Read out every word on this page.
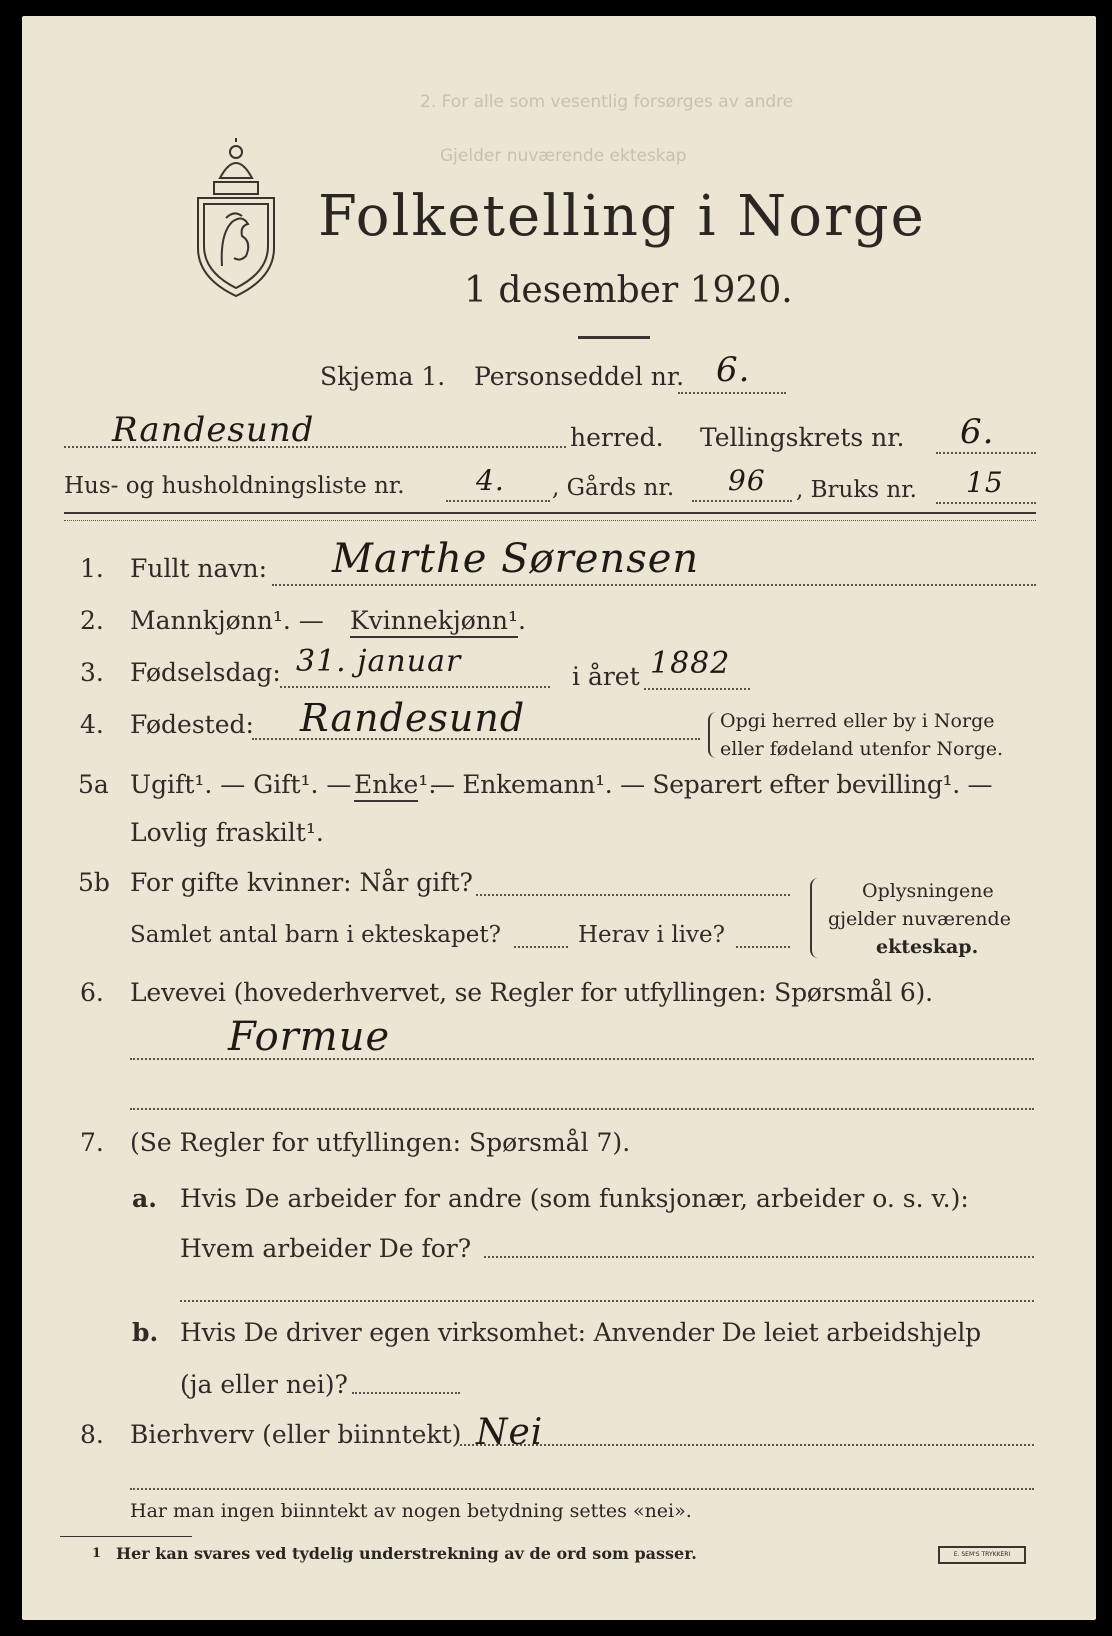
2. For alle som vesentlig forsørges av andre
Gjelder nuværende ekteskap
Folketelling i Norge
1 desember 1920.
Skjema 1. Personseddel nr. 6.
Randesund	herred. Tellingskrets nr. 6.
Hus- og husholdningsliste nr.	4. , Gårds nr. 96 , Bruks nr. 15
1. Fullt navn: Marthe Sørensen
2. Mannkjønn¹. — Kvinnekjønn¹.
3. Fødselsdag: 31. januar	i året 1882
4. Fødested: Randesund	Opgi herred eller by i Norge
eller fødeland utenfor Norge.
5a Ugift¹. — Gift¹. — Enke¹.
— Enkemann¹. — Separert efter bevilling¹. —
Lovlig fraskilt¹.
5b For gifte kvinner: Når gift?
Samlet antal barn i ekteskapet?	Herav i live?
Oplysningene
gjelder nuværende
ekteskap.
6. Levevei (hovederhvervet, se Regler for utfyllingen: Spørsmål 6).
Formue
7. (Se Regler for utfyllingen: Spørsmål 7).
a. Hvis De arbeider for andre (som funksjonær, arbeider o. s. v.):
Hvem arbeider De for?
b. Hvis De driver egen virksomhet: Anvender De leiet arbeidshjelp
(ja eller nei)?
8. Bierhverv (eller biinntekt) Nei
Har man ingen biinntekt av nogen betydning settes «nei».
1 Her kan svares ved tydelig understrekning av de ord som passer.	E. SEM'S TRYKKERI
